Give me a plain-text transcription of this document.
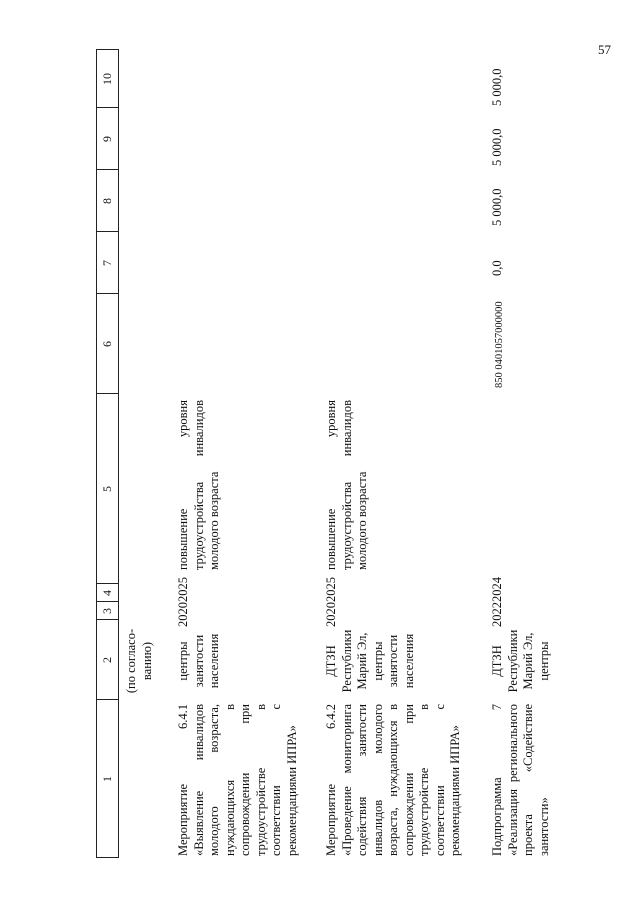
57
1
2
3
4
5
6
7
8
9
10
(по согласо-ванию)
Мероприятие 6.4.1 «Выявление инвалидов молодого возраста, нуждающихся в сопровождении при трудоустройстве в соответствии с рекомендациями ИПРА»
центры занятости населения
2020
2025
повышение уровня трудоустройства инвалидов молодого возраста
Мероприятие 6.4.2 «Проведение мониторинга содействия занятости инвалидов молодого возраста, нуждающихся в сопровождении при трудоустройстве в соответствии с рекомендациями ИПРА»
ДТЗН Республики Марий Эл, центры занятости населения
2020
2025
повышение уровня трудоустройства инвалидов молодого возраста
Подпрограмма 7 «Реализация регионального проекта «Содействие занятости»
ДТЗН Республики Марий Эл, центры
2022
2024
850 0401057000000
0,0
5 000,0
5 000,0
5 000,0
